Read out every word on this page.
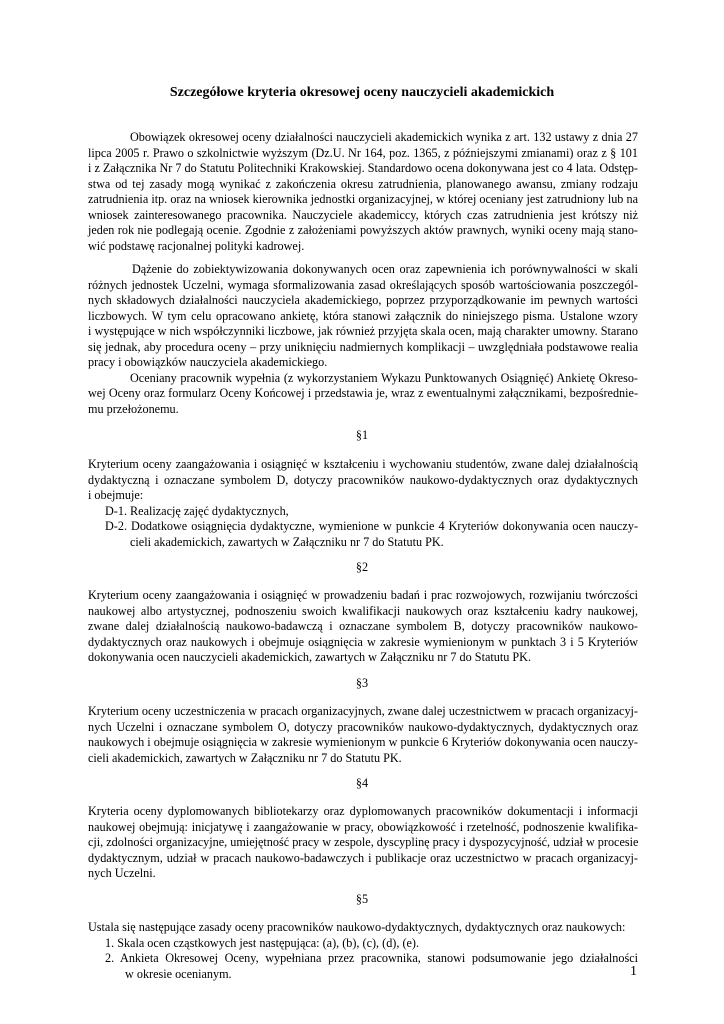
Szczegółowe kryteria okresowej oceny nauczycieli akademickich
Obowiązek okresowej oceny działalności nauczycieli akademickich wynika z art. 132 ustawy z dnia 27
lipca 2005 r. Prawo o szkolnictwie wyższym (Dz.U. Nr 164, poz. 1365, z późniejszymi zmianami) oraz z § 101
i z Załącznika Nr 7 do Statutu Politechniki Krakowskiej. Standardowo ocena dokonywana jest co 4 lata. Odstęp-
stwa od tej zasady mogą wynikać z zakończenia okresu zatrudnienia, planowanego awansu, zmiany rodzaju
zatrudnienia itp. oraz na wniosek kierownika jednostki organizacyjnej, w której oceniany jest zatrudniony lub na
wniosek zainteresowanego pracownika. Nauczyciele akademiccy, których czas zatrudnienia jest krótszy niż
jeden rok nie podlegają ocenie. Zgodnie z założeniami powyższych aktów prawnych, wyniki oceny mają stano-
wić podstawę racjonalnej polityki kadrowej.
Dążenie do zobiektywizowania dokonywanych ocen oraz zapewnienia ich porównywalności w skali
różnych jednostek Uczelni, wymaga sformalizowania zasad określających sposób wartościowania poszczegól-
nych składowych działalności nauczyciela akademickiego, poprzez przyporządkowanie im pewnych wartości
liczbowych. W tym celu opracowano ankietę, która stanowi załącznik do niniejszego pisma. Ustalone wzory
i występujące w nich współczynniki liczbowe, jak również przyjęta skala ocen, mają charakter umowny. Starano
się jednak, aby procedura oceny – przy uniknięciu nadmiernych komplikacji – uwzględniała podstawowe realia
pracy i obowiązków nauczyciela akademickiego.
Oceniany pracownik wypełnia (z wykorzystaniem Wykazu Punktowanych Osiągnięć) Ankietę Okreso-
wej Oceny oraz formularz Oceny Końcowej i przedstawia je, wraz z ewentualnymi załącznikami, bezpośrednie-
mu przełożonemu.
§1
Kryterium oceny zaangażowania i osiągnięć w kształceniu i wychowaniu studentów, zwane dalej działalnością
dydaktyczną i oznaczane symbolem D, dotyczy pracowników naukowo-dydaktycznych oraz dydaktycznych
i obejmuje:
D-1. Realizację zajęć dydaktycznych,
D-2. Dodatkowe osiągnięcia dydaktyczne, wymienione w punkcie 4 Kryteriów dokonywania ocen nauczy-
cieli akademickich, zawartych w Załączniku nr 7 do Statutu PK.
§2
Kryterium oceny zaangażowania i osiągnięć w prowadzeniu badań i prac rozwojowych, rozwijaniu twórczości
naukowej albo artystycznej, podnoszeniu swoich kwalifikacji naukowych oraz kształceniu kadry naukowej,
zwane dalej działalnością naukowo-badawczą i oznaczane symbolem B, dotyczy pracowników naukowo-
dydaktycznych oraz naukowych i obejmuje osiągnięcia w zakresie wymienionym w punktach 3 i 5 Kryteriów
dokonywania ocen nauczycieli akademickich, zawartych w Załączniku nr 7 do Statutu PK.
§3
Kryterium oceny uczestniczenia w pracach organizacyjnych, zwane dalej uczestnictwem w pracach organizacyj-
nych Uczelni i oznaczane symbolem O, dotyczy pracowników naukowo-dydaktycznych, dydaktycznych oraz
naukowych i obejmuje osiągnięcia w zakresie wymienionym w punkcie 6 Kryteriów dokonywania ocen nauczy-
cieli akademickich, zawartych w Załączniku nr 7 do Statutu PK.
§4
Kryteria oceny dyplomowanych bibliotekarzy oraz dyplomowanych pracowników dokumentacji i informacji
naukowej obejmują: inicjatywę i zaangażowanie w pracy, obowiązkowość i rzetelność, podnoszenie kwalifika-
cji, zdolności organizacyjne, umiejętność pracy w zespole, dyscyplinę pracy i dyspozycyjność, udział w procesie
dydaktycznym, udział w pracach naukowo-badawczych i publikacje oraz uczestnictwo w pracach organizacyj-
nych Uczelni.
§5
Ustala się następujące zasady oceny pracowników naukowo-dydaktycznych, dydaktycznych oraz naukowych:
1. Skala ocen cząstkowych jest następująca: (a), (b), (c), (d), (e).
2. Ankieta Okresowej Oceny, wypełniana przez pracownika, stanowi podsumowanie jego działalności
w okresie ocenianym.	1
